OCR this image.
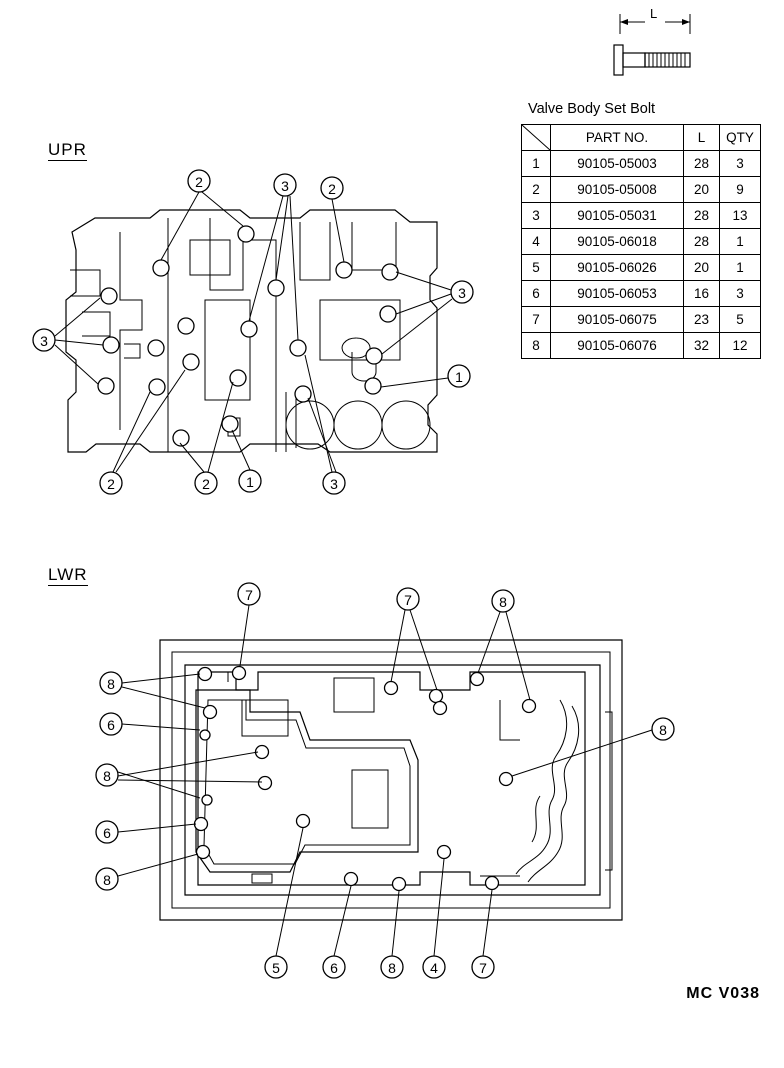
2	3	2
3
3
1
2	2	1	3
7	7	8
8
6
8
8
6
8
5	6	8 4	7
UPR
LWR
L
Valve Body Set Bolt
	PART NO.	L	QTY
1	90105-05003	28	3
2	90105-05008	20	9
3	90105-05031	28	13
4	90105-06018	28	1
5	90105-06026	20	1
6	90105-06053	16	3
7	90105-06075	23	5
8	90105-06076	32	12
MC V038
